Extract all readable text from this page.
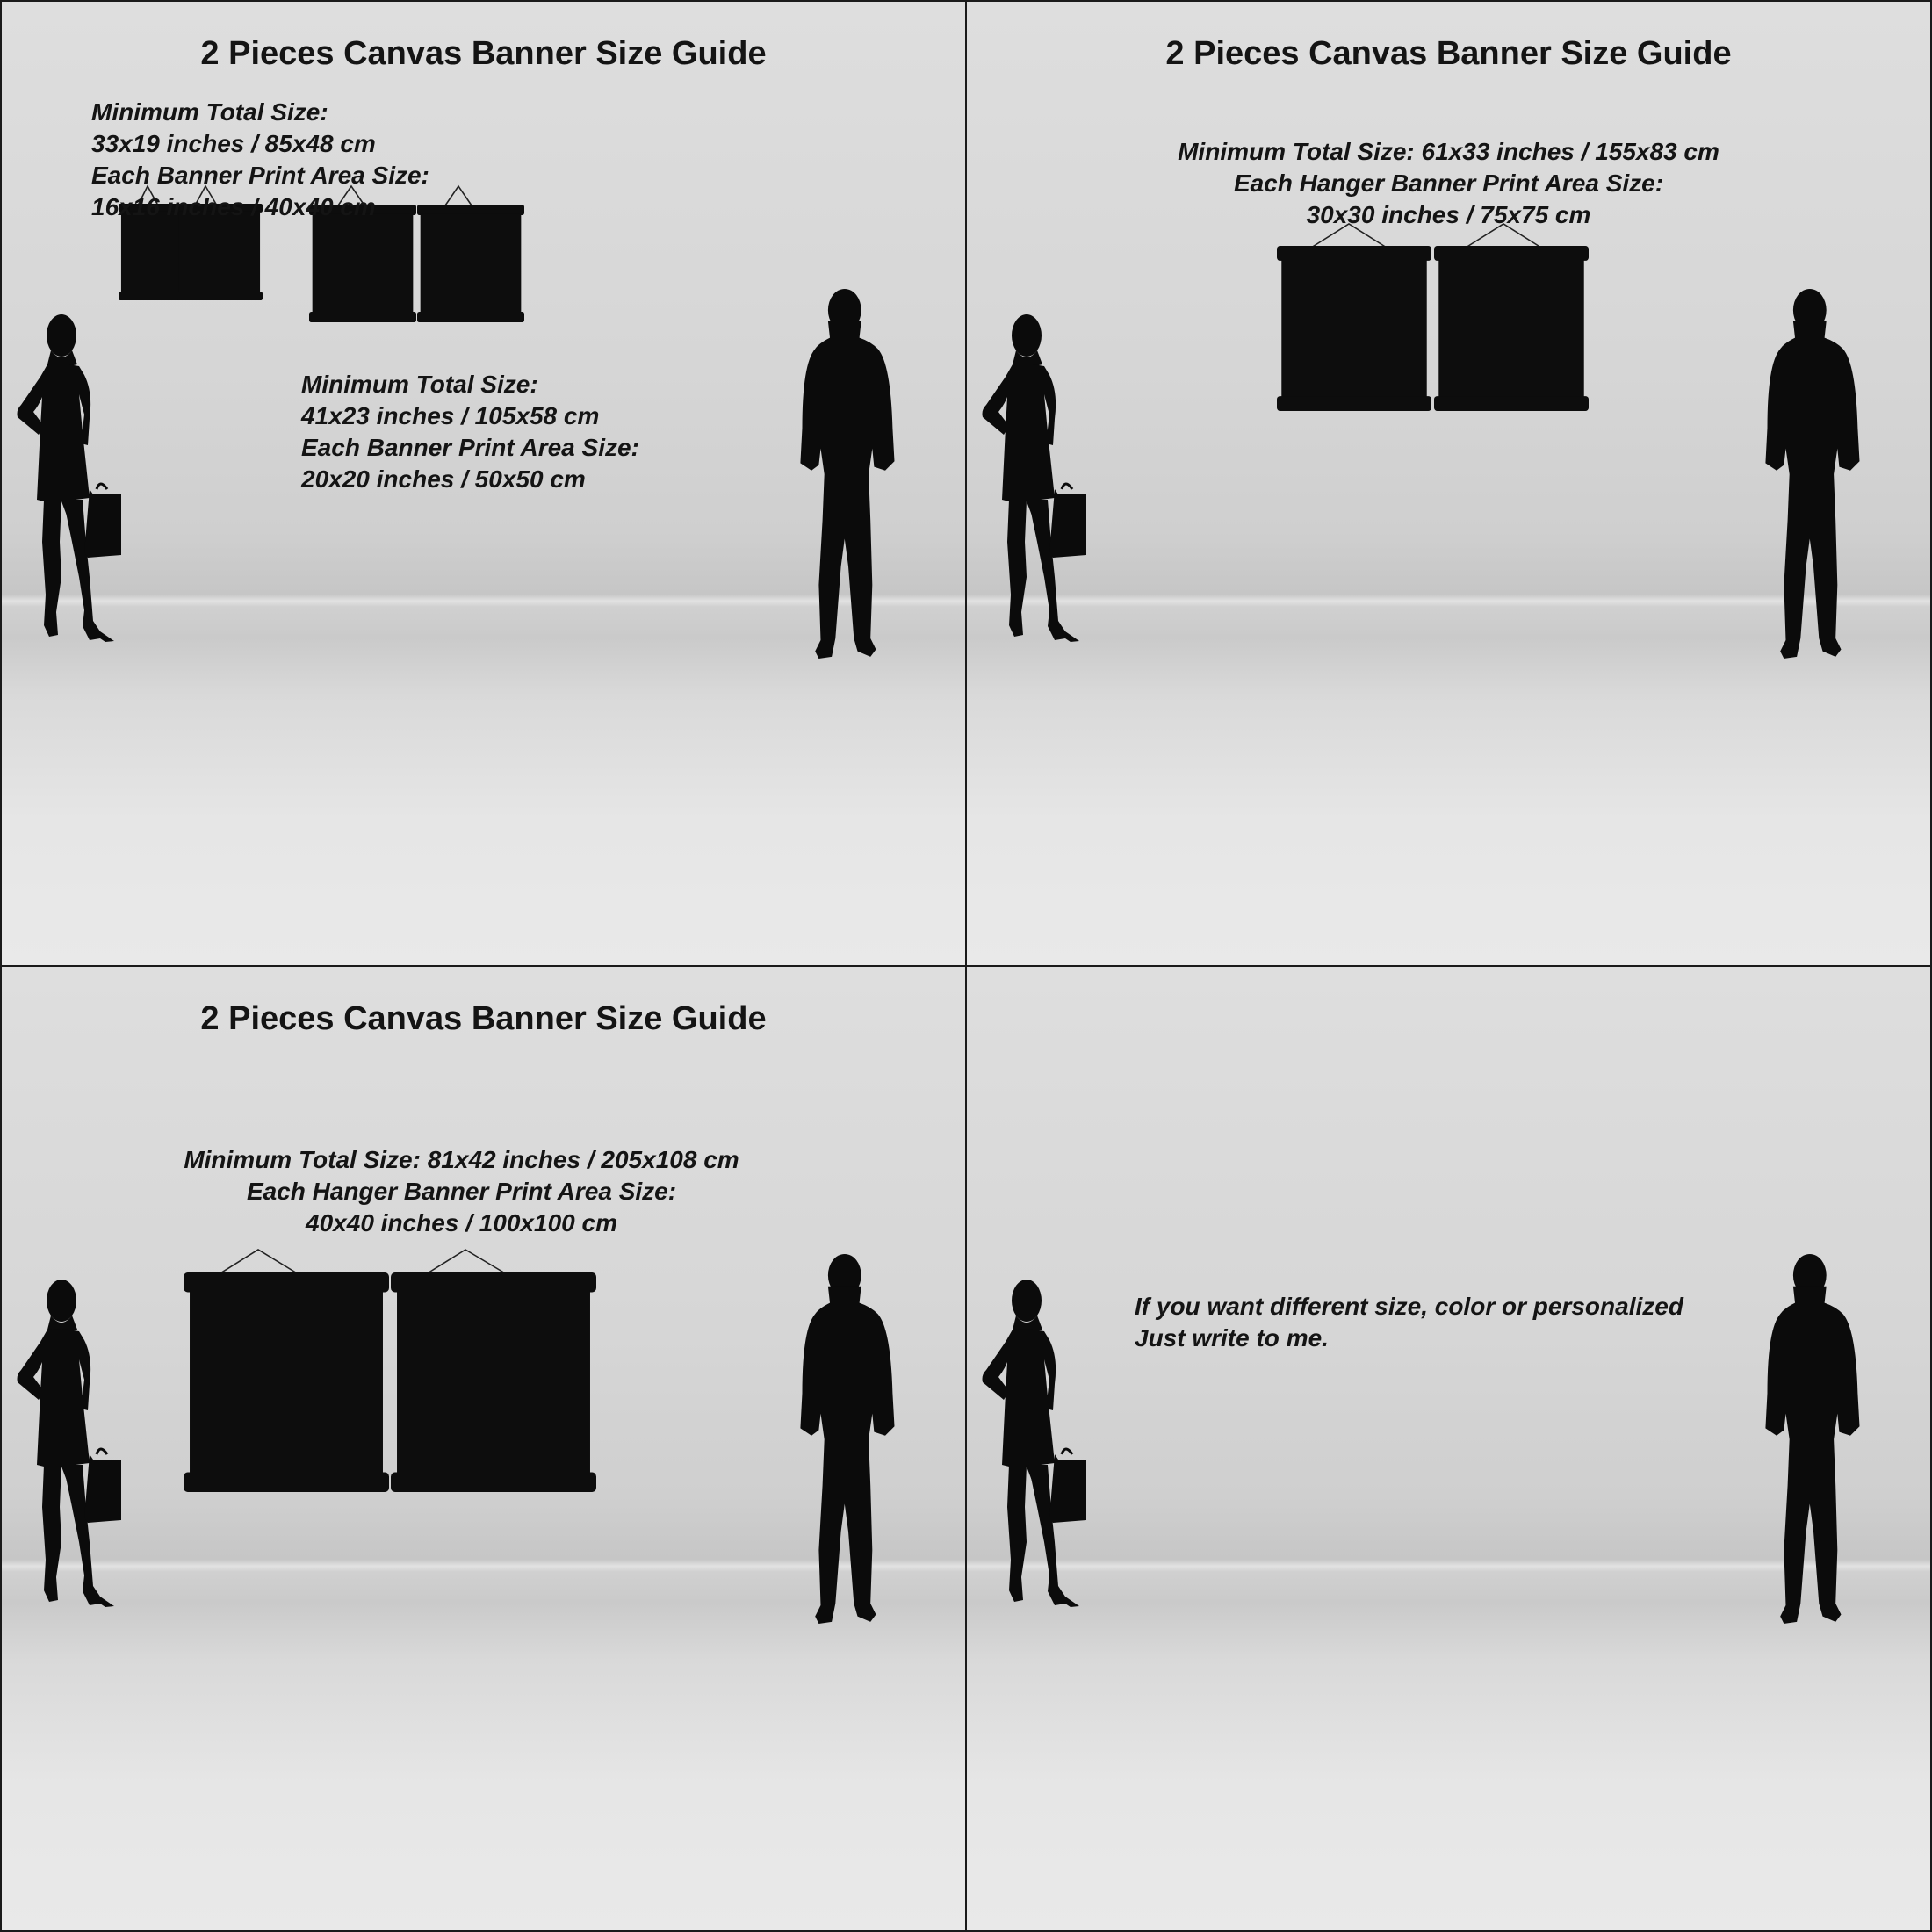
2 Pieces Canvas Banner Size Guide
Minimum Total Size:
33x19 inches / 85x48 cm
Each Banner Print Area Size:
16x16 inches / 40x40 cm
Minimum Total Size:
41x23 inches / 105x58 cm
Each Banner Print Area Size:
20x20 inches / 50x50 cm
2 Pieces Canvas Banner Size Guide
Minimum Total Size: 61x33 inches / 155x83 cm
Each Hanger Banner Print Area Size:
30x30 inches / 75x75 cm
2 Pieces Canvas Banner Size Guide
Minimum Total Size: 81x42 inches / 205x108 cm
Each Hanger Banner Print Area Size:
40x40 inches / 100x100 cm
If you want different size, color or personalized
Just write to me.
